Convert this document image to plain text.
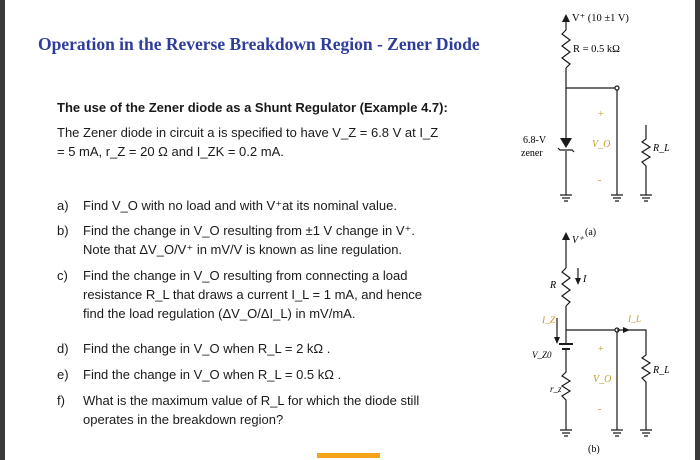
Operation in the Reverse Breakdown Region - Zener Diode
The use of the Zener diode as a Shunt Regulator (Example 4.7):
The Zener diode in circuit a is specified to have V_Z = 6.8 V at I_Z
= 5 mA, r_Z = 20 Ω and I_ZK = 0.2 mA.
a) Find V_O with no load and with V⁺at its nominal value.
b) Find the change in V_O resulting from ±1 V change in V⁺.
Note that ΔV_O/V⁺ in mV/V is known as line regulation.
c) Find the change in V_O resulting from connecting a load
resistance R_L that draws a current I_L = 1 mA, and hence
find the load regulation (ΔV_O/ΔI_L) in mV/mA.
d) Find the change in V_O when R_L = 2 kΩ .
e) Find the change in V_O when R_L = 0.5 kΩ .
f) What is the maximum value of R_L for which the diode still
operates in the breakdown region?
V⁺ (10 ±1 V)
R = 0.5 kΩ
6.8-V
zener
+
V_O
-
R_L
(a)
V⁺
R
I
I_Z	I_L
V_Z0
r_z
+
V_O
-
R_L
(b)
